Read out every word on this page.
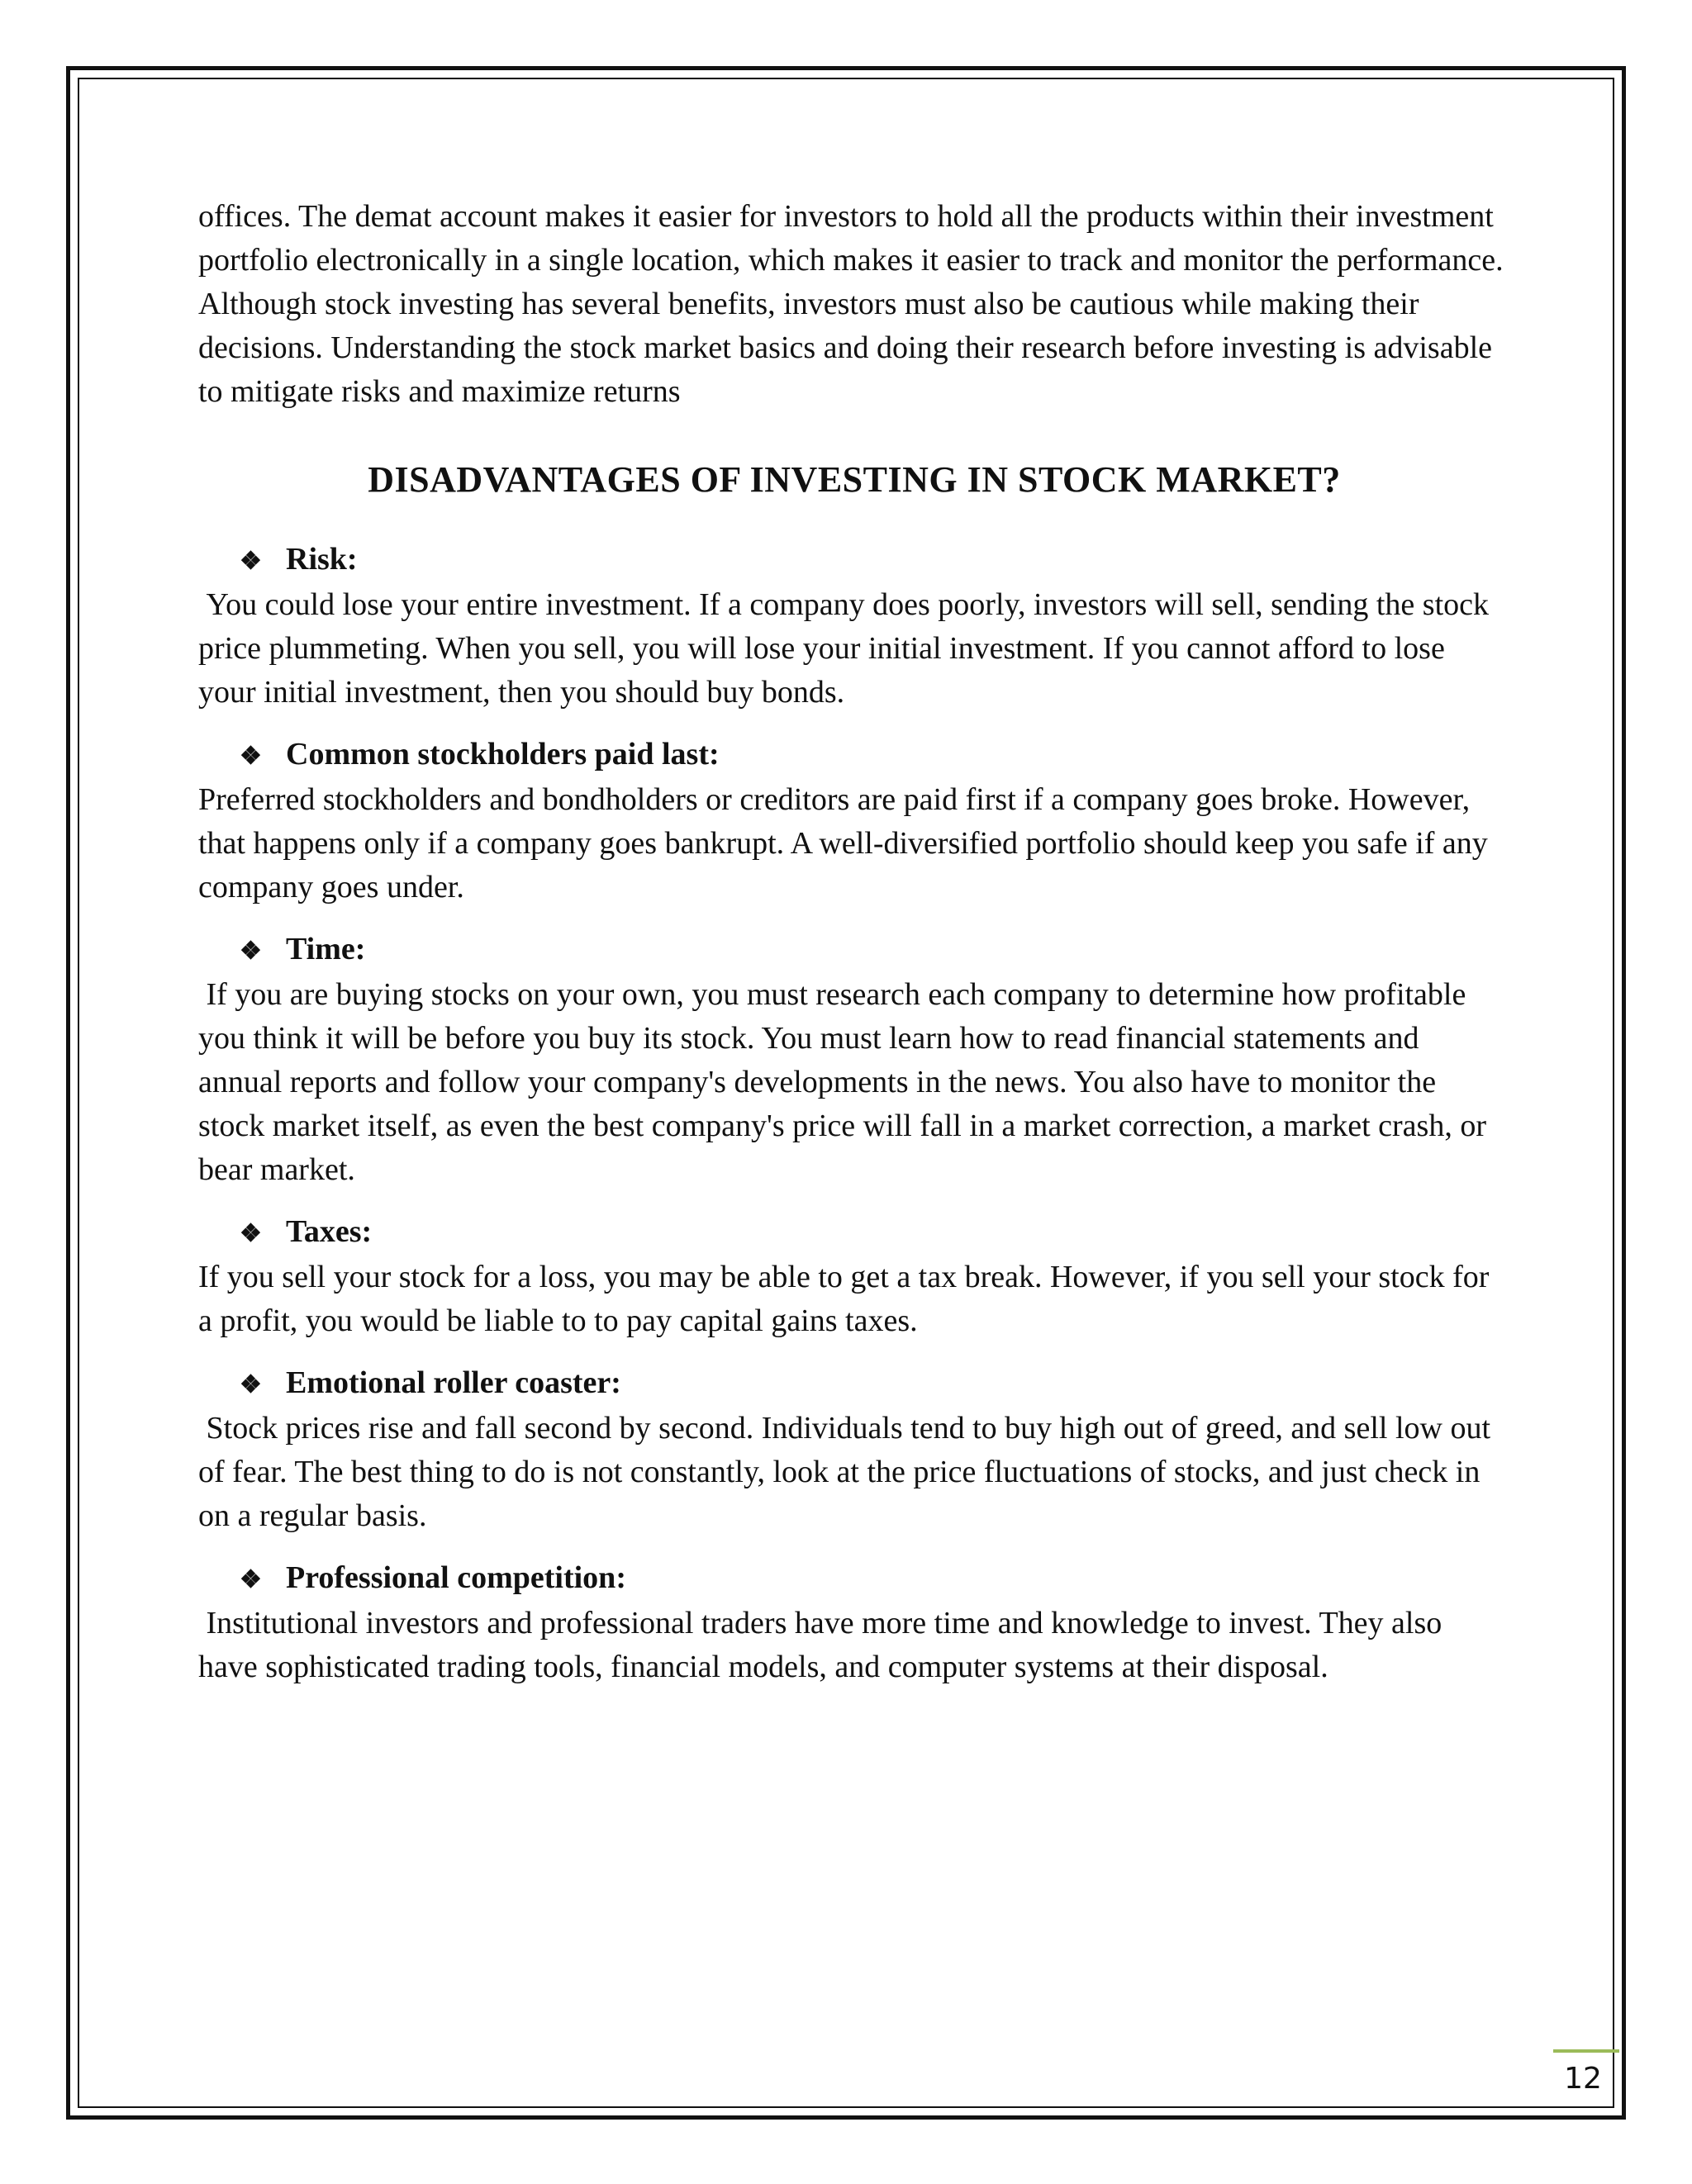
offices. The demat account makes it easier for investors to hold all the products within their investment portfolio electronically in a single location, which makes it easier to track and monitor the performance.

Although stock investing has several benefits, investors must also be cautious while making their decisions. Understanding the stock market basics and doing their research before investing is advisable to mitigate risks and maximize returns

DISADVANTAGES OF INVESTING IN STOCK MARKET?
❖ Risk:

You could lose your entire investment. If a company does poorly, investors will sell, sending the stock price plummeting. When you sell, you will lose your initial investment. If you cannot afford to lose your initial investment, then you should buy bonds.

❖ Common stockholders paid last:

Preferred stockholders and bondholders or creditors are paid first if a company goes broke. However, that happens only if a company goes bankrupt. A well-diversified portfolio should keep you safe if any company goes under.

❖ Time:

If you are buying stocks on your own, you must research each company to determine how profitable you think it will be before you buy its stock. You must learn how to read financial statements and annual reports and follow your company's developments in the news. You also have to monitor the stock market itself, as even the best company's price will fall in a market correction, a market crash, or bear market.

❖ Taxes:

If you sell your stock for a loss, you may be able to get a tax break. However, if you sell your stock for a profit, you would be liable to to pay capital gains taxes.

❖ Emotional roller coaster:

Stock prices rise and fall second by second. Individuals tend to buy high out of greed, and sell low out of fear. The best thing to do is not constantly, look at the price fluctuations of stocks, and just check in on a regular basis.

❖ Professional competition:

Institutional investors and professional traders have more time and knowledge to invest. They also have sophisticated trading tools, financial models, and computer systems at their disposal.

12
